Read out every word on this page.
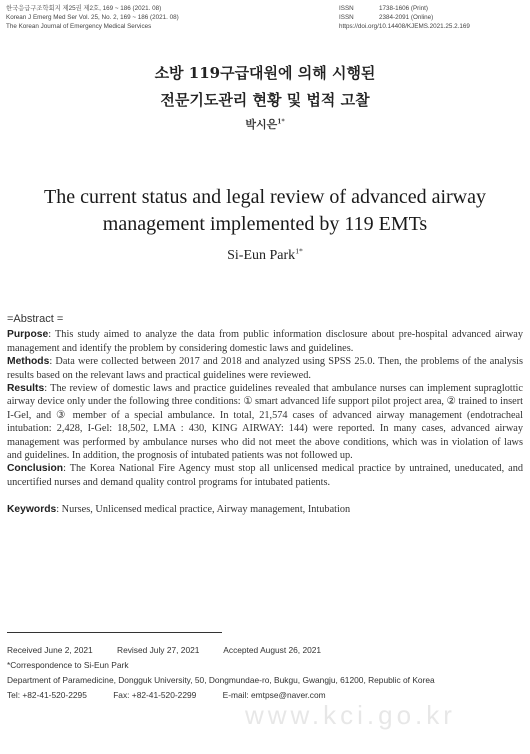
한국응급구조학회지 제25권 제2호, 169 ~ 186 (2021. 08)	ISSN	1738-1606 (Print)
Korean J Emerg Med Ser Vol. 25, No. 2, 169 ~ 186 (2021. 08)	ISSN	2384-2091 (Online)
The Korean Journal of Emergency Medical Services	https://doi.org/10.14408/KJEMS.2021.25.2.169
소방 119구급대원에 의해 시행된
전문기도관리 현황 및 법적 고찰
박시은$^{1*}$
The current status and legal review of advanced airway management implemented by 119 EMTs
Si-Eun Park$^{1*}$
=Abstract =

Purpose: This study aimed to analyze the data from public information disclosure about pre-hospital advanced airway management and identify the problem by considering domestic laws and guidelines.

Methods: Data were collected between 2017 and 2018 and analyzed using SPSS 25.0. Then, the problems of the analysis results based on the relevant laws and practical guidelines were reviewed.

Results: The review of domestic laws and practice guidelines revealed that ambulance nurses can implement supraglottic airway device only under the following three conditions: ① smart advanced life support pilot project area, ② trained to insert I-Gel, and ③ member of a special ambulance. In total, 21,574 cases of advanced airway management (endotracheal intubation: 2,428, I-Gel: 18,502, LMA : 430, KING AIRWAY: 144) were reported. In many cases, advanced airway management was performed by ambulance nurses who did not meet the above conditions, which was in violation of laws and guidelines. In addition, the prognosis of intubated patients was not followed up.

Conclusion: The Korea National Fire Agency must stop all unlicensed medical practice by untrained, uneducated, and uncertified nurses and demand quality control programs for intubated patients.

Keywords: Nurses, Unlicensed medical practice, Airway management, Intubation

Received June 2, 2021	Revised July 27, 2021	Accepted August 26, 2021
*Correspondence to Si-Eun Park
Department of Paramedicine, Dongguk University, 50, Dongmundae-ro, Bukgu, Gwangju, 61200, Republic of Korea
Tel: +82-41-520-2295	Fax: +82-41-520-2299	E-mail: emtpse@naver.com
www.kci.go.kr
